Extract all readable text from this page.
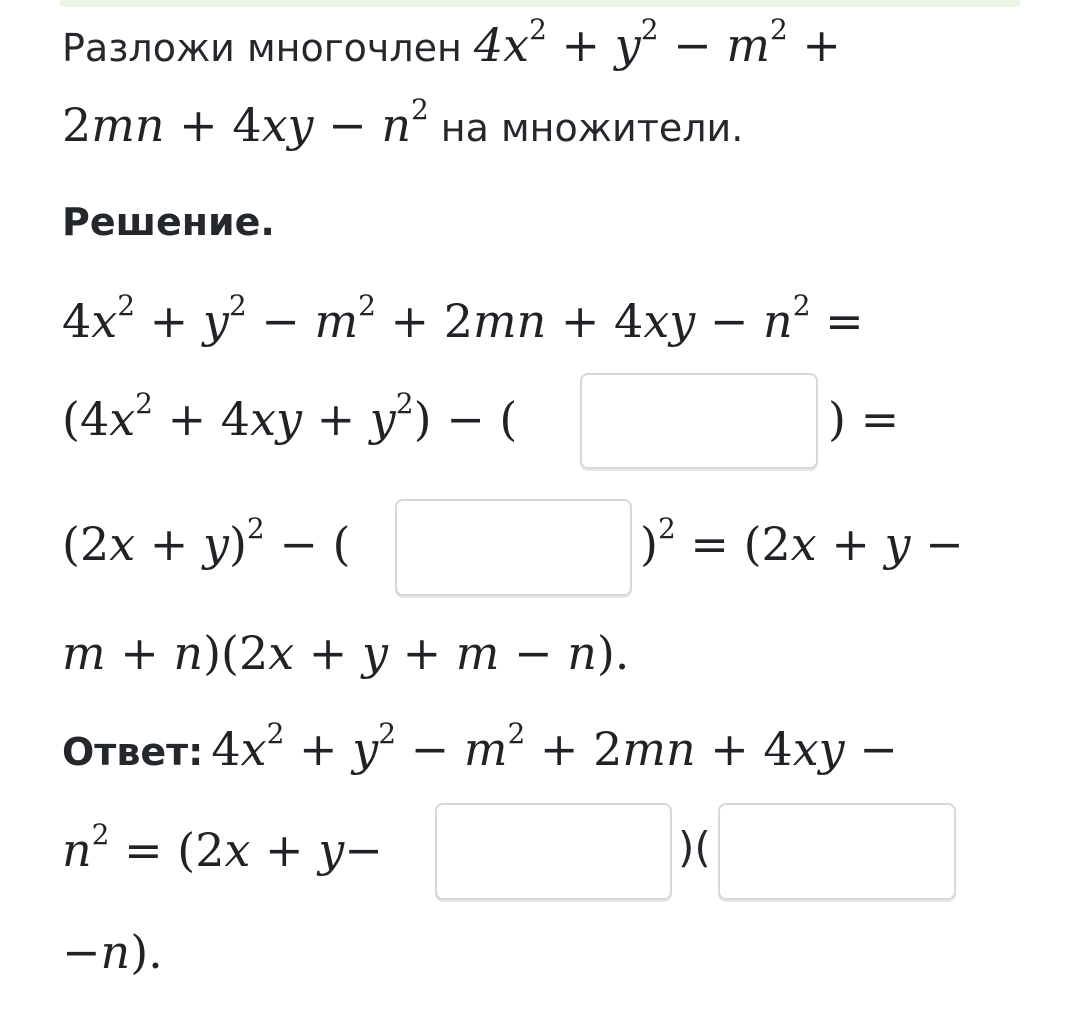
Разложи многочлен $4x^2 + y^2 - m^2$ +
$2mn + 4xy - n^2$ на множители.
Решение.
$4x^2 + y^2 - m^2 + 2mn + 4xy - n^2$ =
$(4x^2 + 4xy + y^2)$ − (	) =
$(2x + y)^2$ − (	)$^2$ = (2x + y −
m + n)(2x + y + m − n).
Ответ: $4x^2 + y^2 - m^2 + 2mn + 4xy$ −
$n^2 = (2x + y-$	)(
−n).
